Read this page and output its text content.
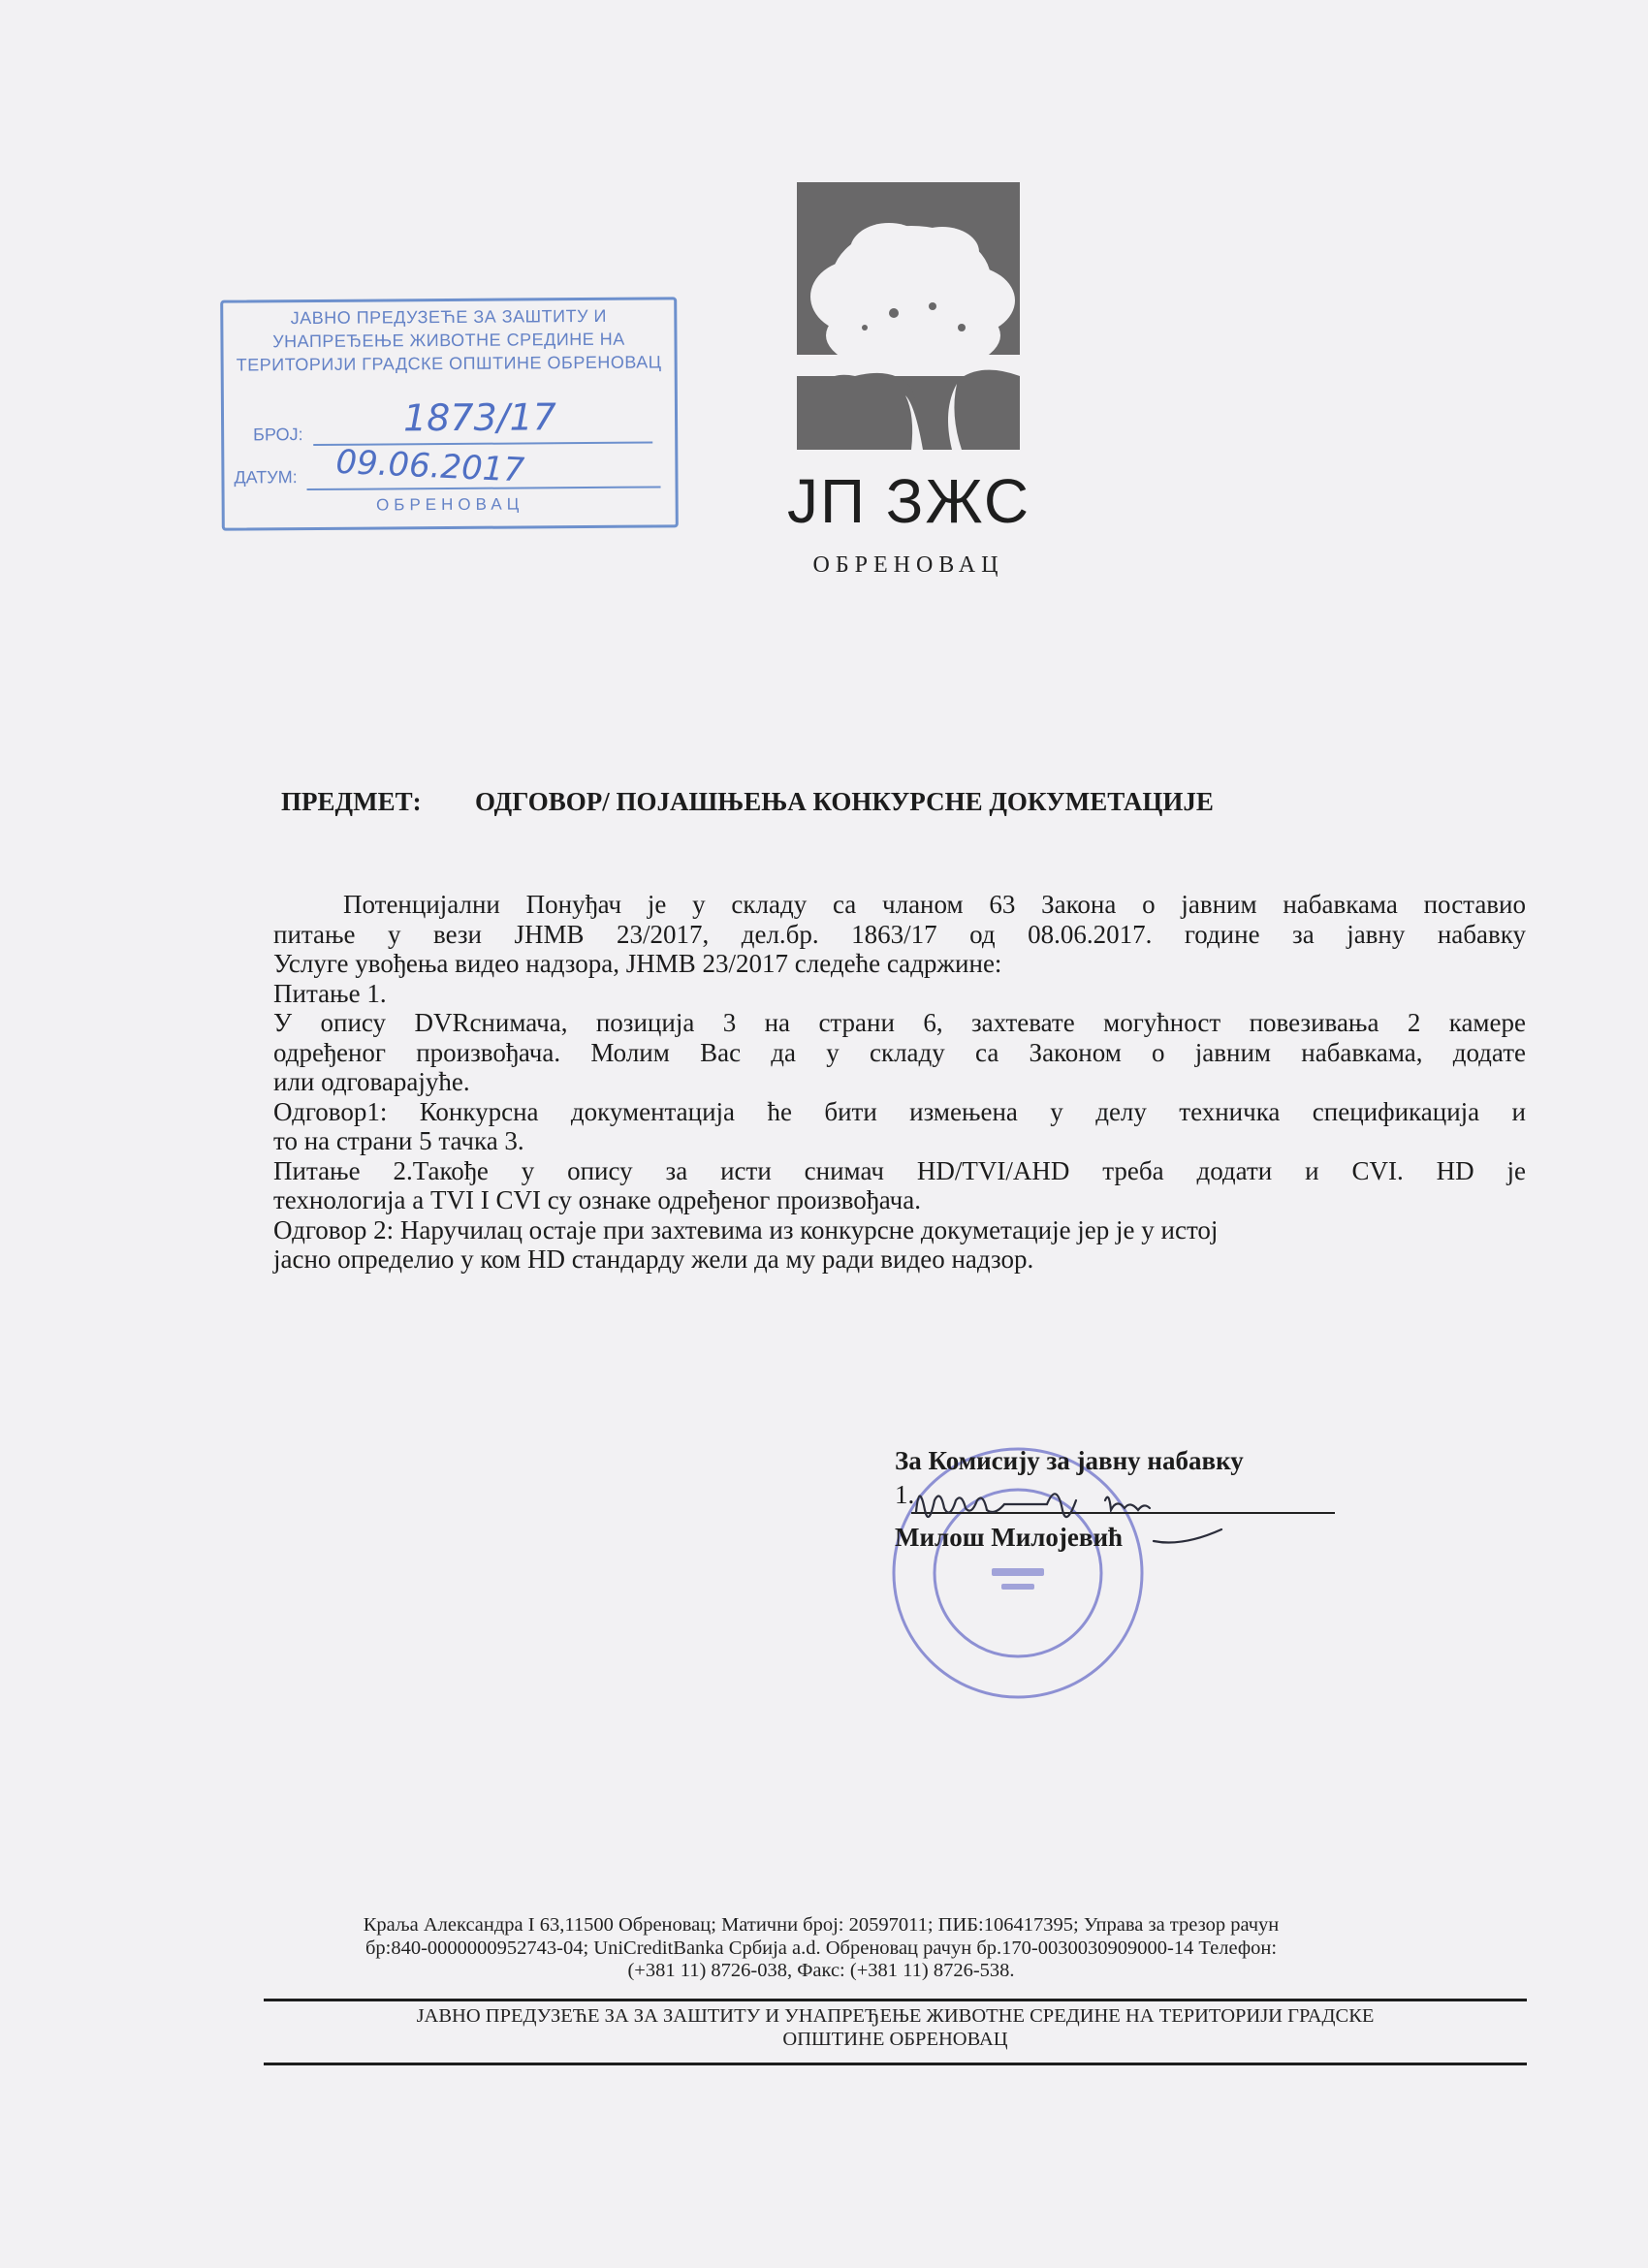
ЈАВНО ПРЕДУЗЕЋЕ ЗА ЗАШТИТУ И
УНАПРЕЂЕЊЕ ЖИВОТНЕ СРЕДИНЕ НА
ТЕРИТОРИЈИ ГРАДСКЕ ОПШТИНЕ ОБРЕНОВАЦ
БРОЈ:	1873/17
ДАТУМ: 09.06.2017
ОБРЕНОВАЦ	ЈП ЗЖС
ОБРЕНОВАЦ
ПРЕДМЕТ: ОДГОВОР/ ПОЈАШЊЕЊА КОНКУРСНЕ ДОКУМЕТАЦИЈЕ
Потенцијални Понуђач је у складу са чланом 63 Закона о јавним набавкама поставио
питање у вези ЈНМВ 23/2017, дел.бр. 1863/17 од 08.06.2017. године за јавну набавку
Услуге увођења видео надзора, ЈНМВ 23/2017 следеће садржине:
Питање 1.
У опису DVRснимача, позиција 3 на страни 6, захтевате могућност повезивања 2 камере
одређеног произвођача. Молим Вас да у складу са Законом о јавним набавкама, додате
или одговарајуће.
Одговор1: Конкурсна документација ће бити измењена у делу техничка спецификација и
то на страни 5 тачка 3.
Питање 2.Такође у опису за исти снимач HD/TVI/AHD треба додати и CVI. HD је
технологија а TVI I CVI су ознаке одређеног произвођача.
Одговор 2: Наручилац остаје при захтевима из конкурсне докуметације јер је у истој
јасно определио у ком HD стандарду жели да му ради видео надзор.
За Комисију за јавну набавку
1.
Милош Милојевић
Краља Александра I 63,11500 Обреновац; Матични број: 20597011; ПИБ:106417395; Управа за трезор рачун
бр:840-0000000952743-04; UniCreditBanka Србија a.d. Обреновац рачун бр.170-0030030909000-14 Телефон:
(+381 11) 8726-038, Факс: (+381 11) 8726-538.
ЈАВНО ПРЕДУЗЕЋЕ ЗА ЗА ЗАШТИТУ И УНАПРЕЂЕЊЕ ЖИВОТНЕ СРЕДИНЕ НА ТЕРИТОРИЈИ ГРАДСКЕ
ОПШТИНЕ ОБРЕНОВАЦ
